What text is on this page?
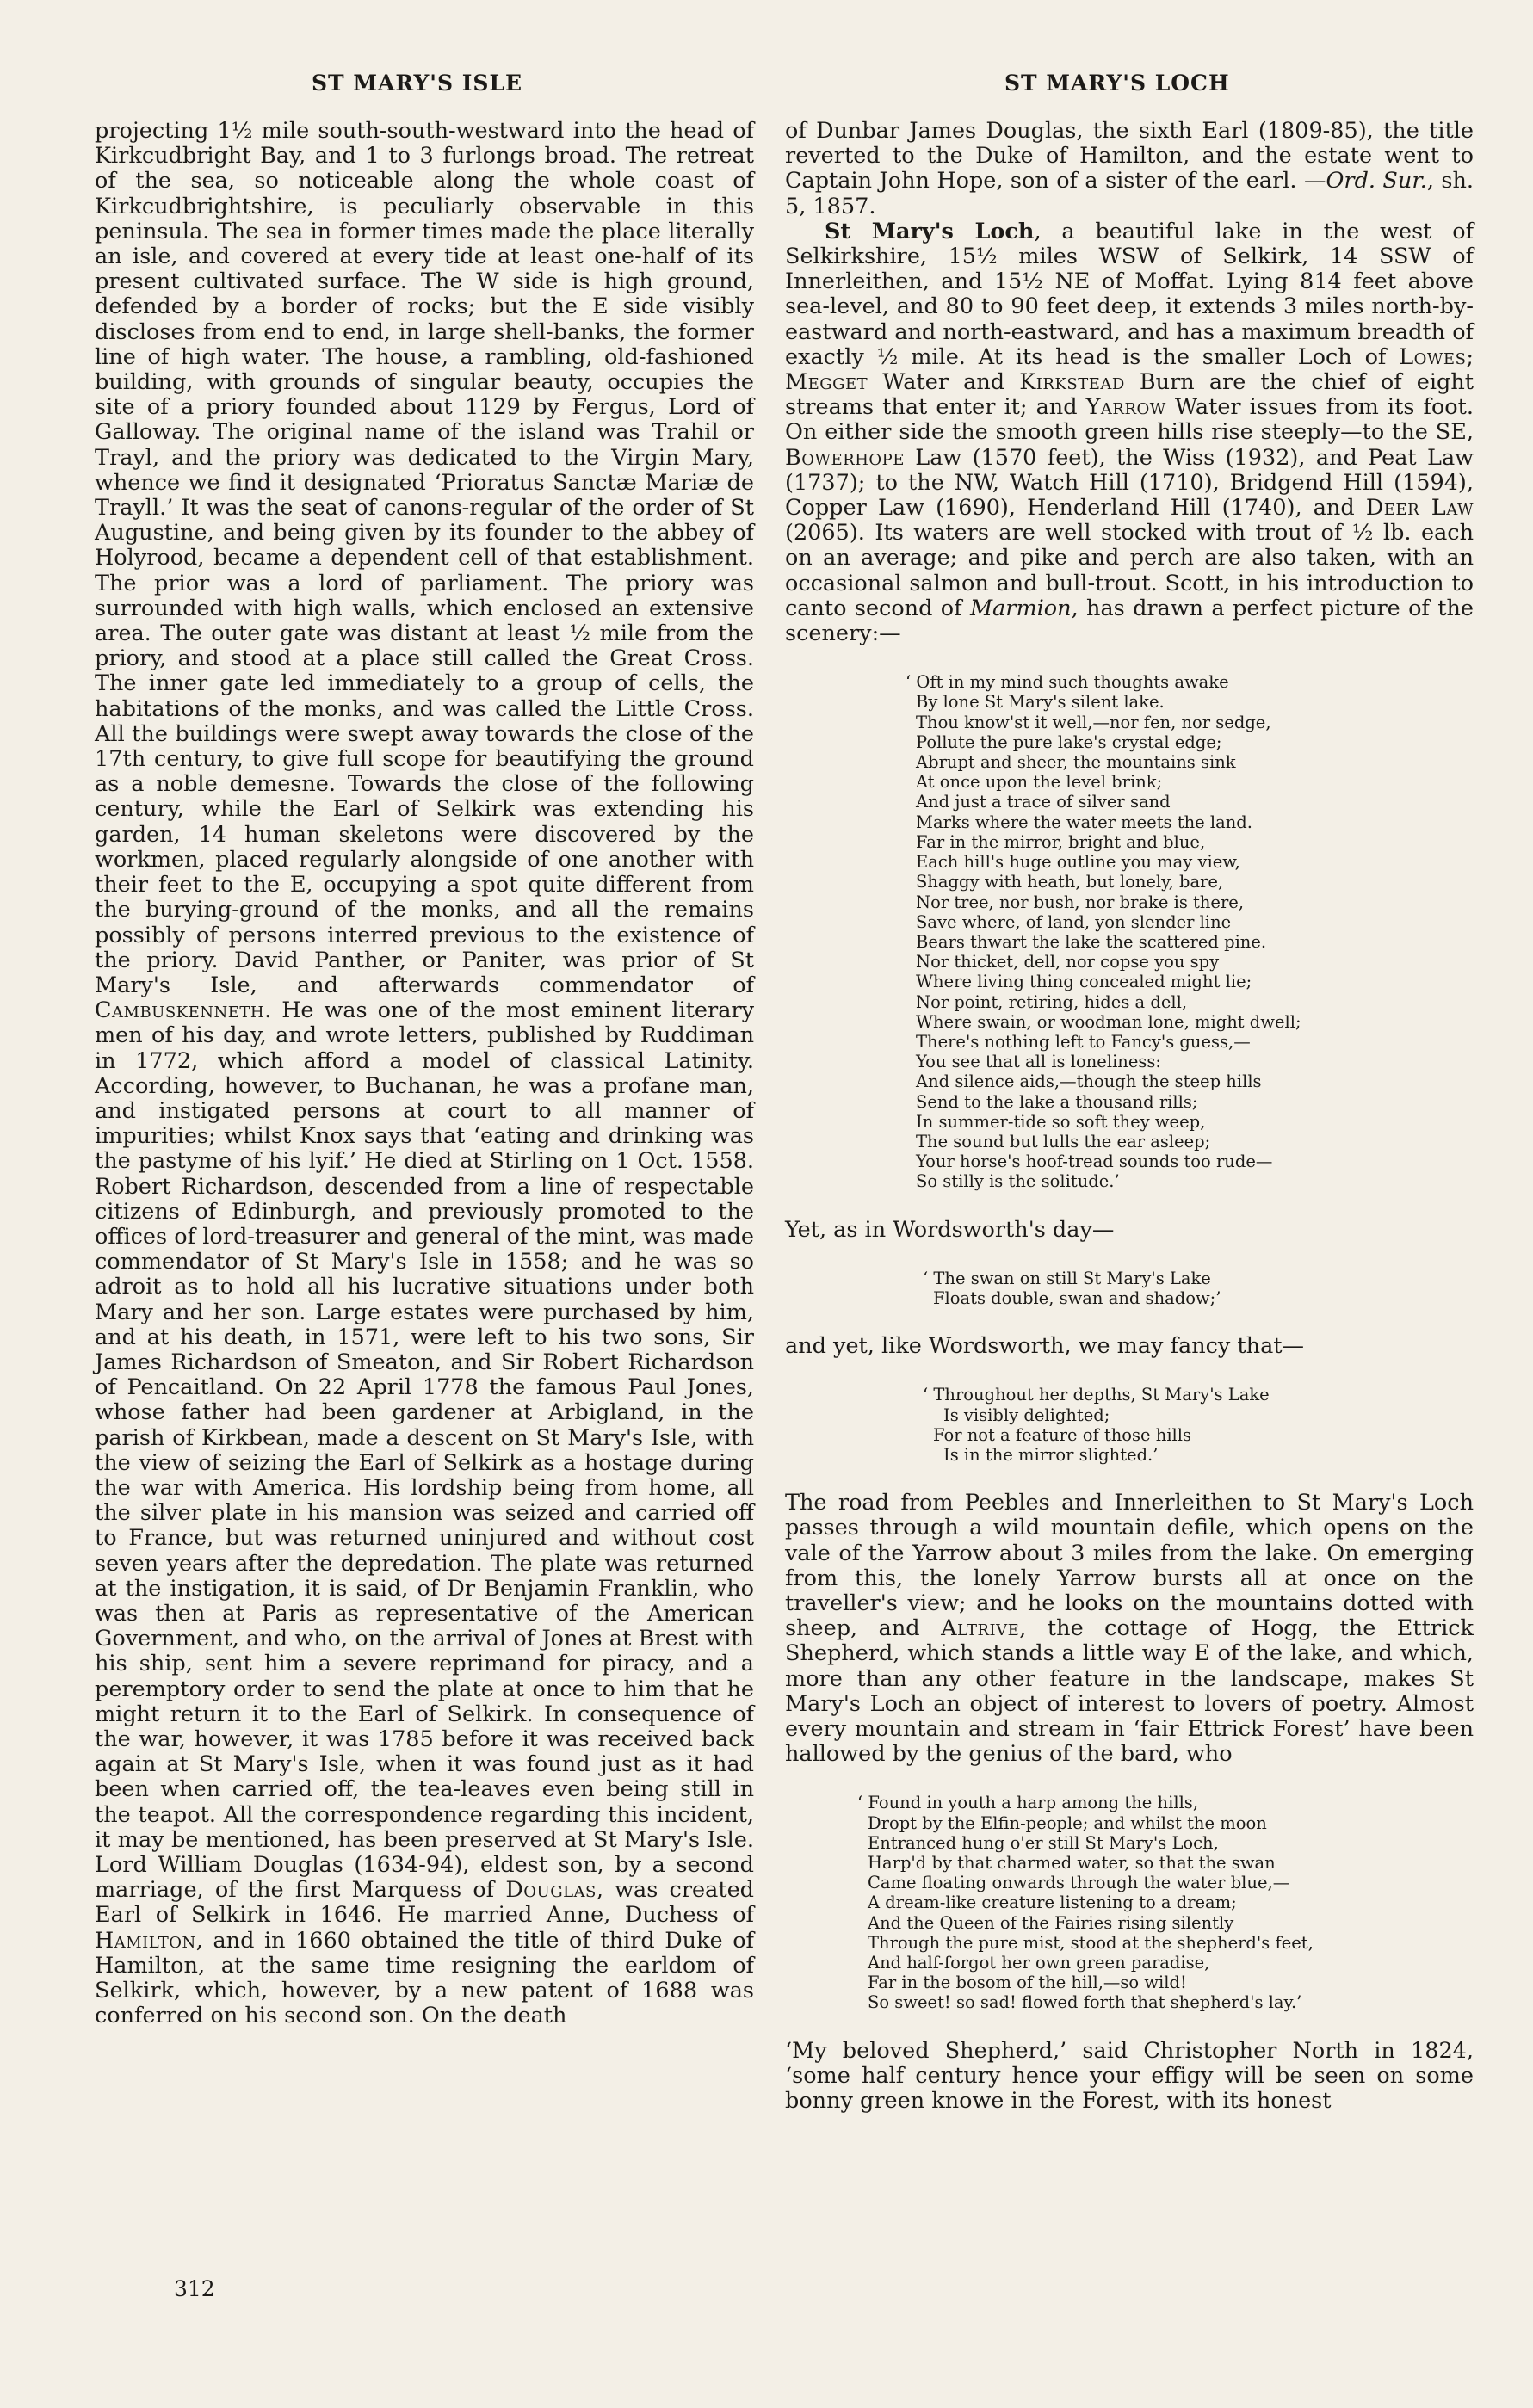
ST MARY'S ISLE	ST MARY'S LOCH

projecting 1½ mile south-south-westward into the head of Kirkcudbright Bay, and 1 to 3 furlongs broad. The retreat of the sea, so noticeable along the whole coast of Kirkcudbrightshire, is peculiarly observable in this peninsula. The sea in former times made the place literally an isle, and covered at every tide at least one-half of its present cultivated surface. The W side is high ground, defended by a border of rocks; but the E side visibly discloses from end to end, in large shell-banks, the former line of high water. The house, a rambling, old-fashioned building, with grounds of singular beauty, occupies the site of a priory founded about 1129 by Fergus, Lord of Galloway. The original name of the island was Trahil or Trayl, and the priory was dedicated to the Virgin Mary, whence we find it designated ‘Prioratus Sanctæ Mariæ de Trayll.’ It was the seat of canons-regular of the order of St Augustine, and being given by its founder to the abbey of Holyrood, became a dependent cell of that establishment. The prior was a lord of parliament. The priory was surrounded with high walls, which enclosed an extensive area. The outer gate was distant at least ½ mile from the priory, and stood at a place still called the Great Cross. The inner gate led immediately to a group of cells, the habitations of the monks, and was called the Little Cross. All the buildings were swept away towards the close of the 17th century, to give full scope for beautifying the ground as a noble demesne. Towards the close of the following century, while the Earl of Selkirk was extending his garden, 14 human skeletons were discovered by the workmen, placed regularly alongside of one another with their feet to the E, occupying a spot quite different from the burying-ground of the monks, and all the remains possibly of persons interred previous to the existence of the priory. David Panther, or Paniter, was prior of St Mary's Isle, and afterwards commendator of Cambuskenneth. He was one of the most eminent literary men of his day, and wrote letters, published by Ruddiman in 1772, which afford a model of classical Latinity. According, however, to Buchanan, he was a profane man, and instigated persons at court to all manner of impurities; whilst Knox says that ‘eating and drinking was the pastyme of his lyif.’ He died at Stirling on 1 Oct. 1558. Robert Richardson, descended from a line of respectable citizens of Edinburgh, and previously promoted to the offices of lord-treasurer and general of the mint, was made commendator of St Mary's Isle in 1558; and he was so adroit as to hold all his lucrative situations under both Mary and her son. Large estates were purchased by him, and at his death, in 1571, were left to his two sons, Sir James Richardson of Smeaton, and Sir Robert Richardson of Pencaitland. On 22 April 1778 the famous Paul Jones, whose father had been gardener at Arbigland, in the parish of Kirkbean, made a descent on St Mary's Isle, with the view of seizing the Earl of Selkirk as a hostage during the war with America. His lordship being from home, all the silver plate in his mansion was seized and carried off to France, but was returned uninjured and without cost seven years after the depredation. The plate was returned at the instigation, it is said, of Dr Benjamin Franklin, who was then at Paris as representative of the American Government, and who, on the arrival of Jones at Brest with his ship, sent him a severe reprimand for piracy, and a peremptory order to send the plate at once to him that he might return it to the Earl of Selkirk. In consequence of the war, however, it was 1785 before it was received back again at St Mary's Isle, when it was found just as it had been when carried off, the tea-leaves even being still in the teapot. All the correspondence regarding this incident, it may be mentioned, has been preserved at St Mary's Isle. Lord William Douglas (1634-94), eldest son, by a second marriage, of the first Marquess of Douglas, was created Earl of Selkirk in 1646. He married Anne, Duchess of Hamilton, and in 1660 obtained the title of third Duke of Hamilton, at the same time resigning the earldom of Selkirk, which, however, by a new patent of 1688 was conferred on his second son. On the death

of Dunbar James Douglas, the sixth Earl (1809-85), the title reverted to the Duke of Hamilton, and the estate went to Captain John Hope, son of a sister of the earl. —Ord. Sur., sh. 5, 1857.

St Mary's Loch, a beautiful lake in the west of Selkirkshire, 15½ miles WSW of Selkirk, 14 SSW of Innerleithen, and 15½ NE of Moffat. Lying 814 feet above sea-level, and 80 to 90 feet deep, it extends 3 miles north-by-eastward and north-eastward, and has a maximum breadth of exactly ½ mile. At its head is the smaller Loch of Lowes; Megget Water and Kirkstead Burn are the chief of eight streams that enter it; and Yarrow Water issues from its foot. On either side the smooth green hills rise steeply—to the SE, Bowerhope Law (1570 feet), the Wiss (1932), and Peat Law (1737); to the NW, Watch Hill (1710), Bridgend Hill (1594), Copper Law (1690), Henderland Hill (1740), and Deer Law (2065). Its waters are well stocked with trout of ½ lb. each on an average; and pike and perch are also taken, with an occasional salmon and bull-trout. Scott, in his introduction to canto second of Marmion, has drawn a perfect picture of the scenery:—

‘ Oft in my mind such thoughts awake
By lone St Mary's silent lake.
Thou know'st it well,—nor fen, nor sedge,
Pollute the pure lake's crystal edge;
Abrupt and sheer, the mountains sink
At once upon the level brink;
And just a trace of silver sand
Marks where the water meets the land.
Far in the mirror, bright and blue,
Each hill's huge outline you may view,
Shaggy with heath, but lonely, bare,
Nor tree, nor bush, nor brake is there,
Save where, of land, yon slender line
Bears thwart the lake the scattered pine.
Nor thicket, dell, nor copse you spy
Where living thing concealed might lie;
Nor point, retiring, hides a dell,
Where swain, or woodman lone, might dwell;
There's nothing left to Fancy's guess,—
You see that all is loneliness:
And silence aids,—though the steep hills
Send to the lake a thousand rills;
In summer-tide so soft they weep,
The sound but lulls the ear asleep;
Your horse's hoof-tread sounds too rude—
So stilly is the solitude.’

Yet, as in Wordsworth's day—

‘ The swan on still St Mary's Lake
Floats double, swan and shadow;’

and yet, like Wordsworth, we may fancy that—

‘ Throughout her depths, St Mary's Lake
Is visibly delighted;
For not a feature of those hills
Is in the mirror slighted.’

The road from Peebles and Innerleithen to St Mary's Loch passes through a wild mountain defile, which opens on the vale of the Yarrow about 3 miles from the lake. On emerging from this, the lonely Yarrow bursts all at once on the traveller's view; and he looks on the mountains dotted with sheep, and Altrive, the cottage of Hogg, the Ettrick Shepherd, which stands a little way E of the lake, and which, more than any other feature in the landscape, makes St Mary's Loch an object of interest to lovers of poetry. Almost every mountain and stream in ‘fair Ettrick Forest’ have been hallowed by the genius of the bard, who

‘ Found in youth a harp among the hills,
Dropt by the Elfin-people; and whilst the moon
Entranced hung o'er still St Mary's Loch,
Harp'd by that charmed water, so that the swan
Came floating onwards through the water blue,—
A dream-like creature listening to a dream;
And the Queen of the Fairies rising silently
Through the pure mist, stood at the shepherd's feet,
And half-forgot her own green paradise,
Far in the bosom of the hill,—so wild!
So sweet! so sad! flowed forth that shepherd's lay.’

‘My beloved Shepherd,’ said Christopher North in 1824, ‘some half century hence your effigy will be seen on some bonny green knowe in the Forest, with its honest

312
